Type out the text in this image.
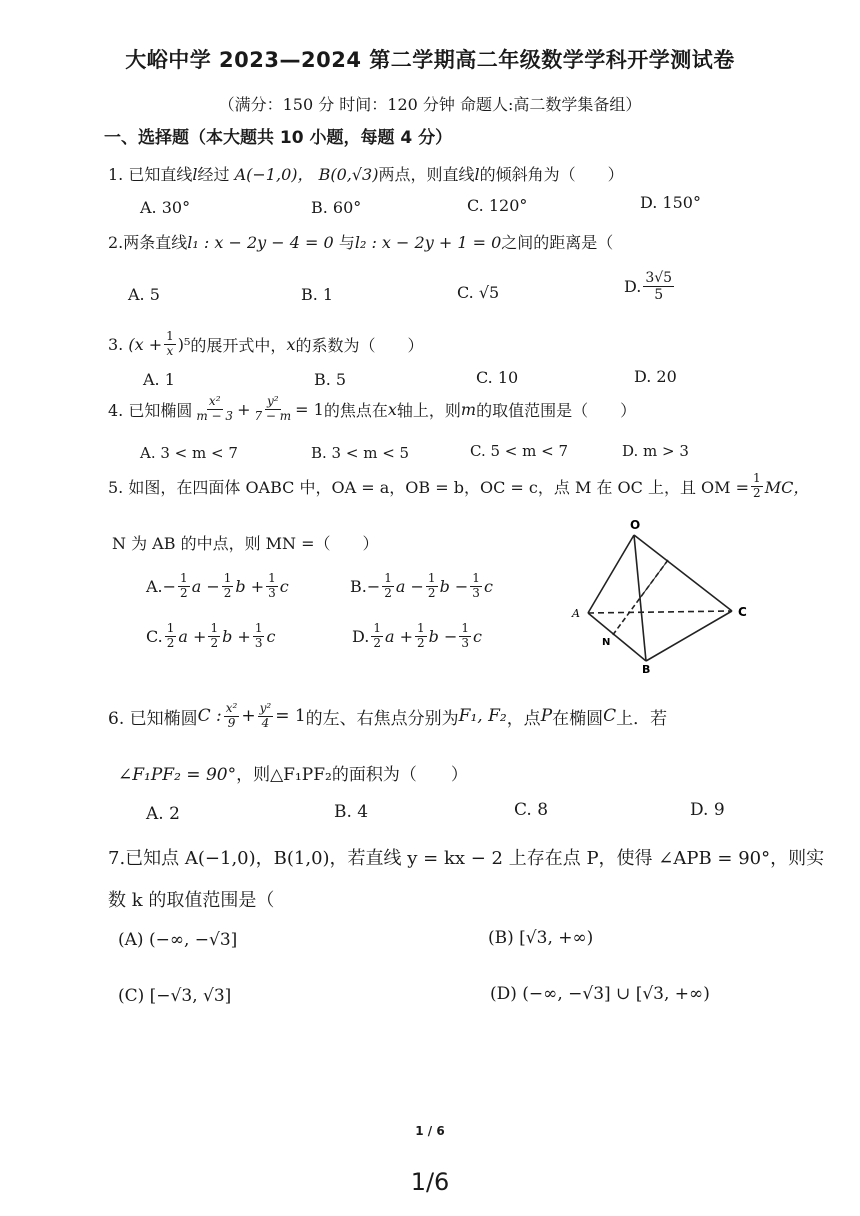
大峪中学 2023—2024 第二学期高二年级数学学科开学测试卷
（满分：150 分 时间：120 分钟 命题人:高二数学集备组）
一、选择题（本大题共 10 小题，每题 4 分）
1. 已知直线l经过 A(−1,0)， B(0,√3)两点，则直线l的倾斜角为（　　）
A. 30°	B. 60°	C. 120°	D. 150°
2.两条直线l₁ : x − 2y − 4 = 0 与l₂ : x − 2y + 1 = 0之间的距离是（
A. 5	B. 1	C. √5	D. $\frac{3√5}{5}$
3.
$(x + \frac{1}{x} )^5$ 的展开式中， x 的系数为（　　）
A. 1	B. 5	C. 10	D. 20
4. 已知椭圆 $\frac{\text{x²}}{m - 3} + \frac{\text{y²}}{7 - m} = 1$ 的焦点在 x 轴上，则 m 的取值范围是（　　）
A. 3 < m < 7	B. 3 < m < 5	C. 5 < m < 7	D. m > 3
5. 如图，在四面体 OABC 中，OA = a，OB = b，OC = c，点 M 在 OC 上，且 OM = $\frac{1}{2}$ MC，
N 为 AB 的中点，则 MN =（　　）
$A.- \frac{1}{2}$ $a - \frac{1}{2}$ $b + \frac{1}{3}$ c	$B.- \frac{1}{2}$ $a - \frac{1}{2}$ $b - \frac{1}{3}$ c
C. $\frac{1}{2}$ $a + \frac{1}{2}$ $b + \frac{1}{3}$ c	D. $\frac{1}{2}$ $a + \frac{1}{2}$ $b - \frac{1}{3}$ c
O
A
B
C
N
6. 已知椭圆 C : $\frac{\text{x²}}{9} + \frac{\text{y²}}{4} = 1$ 的左、右焦点分别为 F₁, F₂ ，点 P 在椭圆 C 上．若
∠F₁PF₂ = 90°，则△F₁PF₂的面积为（　　）
A. 2	B. 4	C. 8	D. 9
7.已知点 A(−1,0)，B(1,0)，若直线 y = kx − 2 上存在点 P，使得 ∠APB = 90°，则实
数 k 的取值范围是（
(A) (−∞, −√3]	(B) [√3, +∞)
(C) [−√3, √3]	(D) (−∞, −√3] ∪ [√3, +∞)
1 / 6
1/6
